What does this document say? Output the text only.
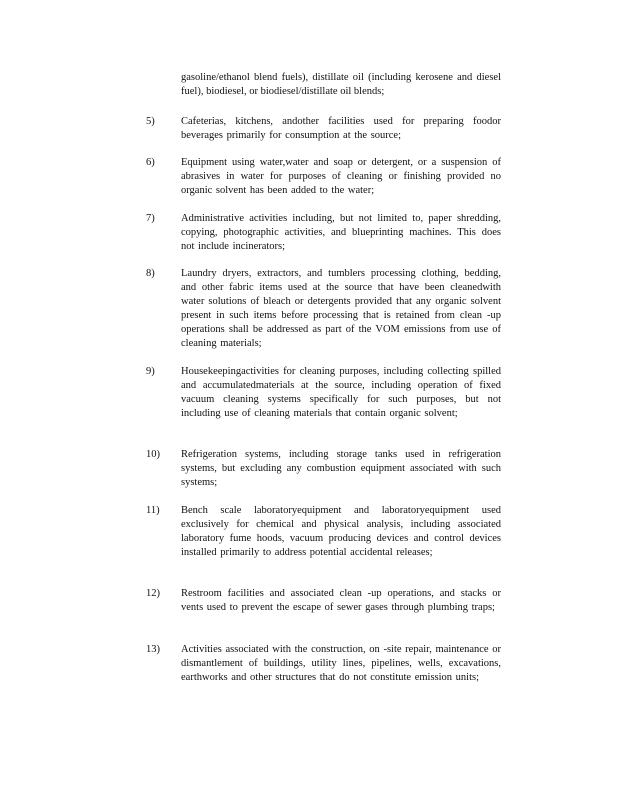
gasoline/ethanol blend fuels), distillate oil (including kerosene and diesel fuel), biodiesel, or biodiesel/distillate oil blends;

5)	Cafeterias, kitchens, andother facilities used for preparing foodor beverages primarily for consumption at the source;
6)	Equipment using water,water and soap or detergent, or a suspension of abrasives in water for purposes of cleaning or finishing provided no organic solvent has been added to the water;
7)	Administrative activities including, but not limited to, paper shredding, copying, photographic activities, and blueprinting machines. This does not include incinerators;
8)	Laundry dryers, extractors, and tumblers processing clothing, bedding, and other fabric items used at the source that have been cleanedwith water solutions of bleach or detergents provided that any organic solvent present in such items before processing that is retained from clean -up operations shall be addressed as part of the VOM emissions from use of cleaning materials;
9)	Housekeepingactivities for cleaning purposes, including collecting spilled and accumulatedmaterials at the source, including operation of fixed vacuum cleaning systems specifically for such purposes, but not including use of cleaning materials that contain organic solvent;
10)	Refrigeration systems, including storage tanks used in refrigeration systems, but excluding any combustion equipment associated with such systems;
11)	Bench scale laboratoryequipment and laboratoryequipment used exclusively for chemical and physical analysis, including associated laboratory fume hoods, vacuum producing devices and control devices installed primarily to address potential accidental releases;
12)	Restroom facilities and associated clean -up operations, and stacks or vents used to prevent the escape of sewer gases through plumbing traps;
13)	Activities associated with the construction, on -site repair, maintenance or dismantlement of buildings, utility lines, pipelines, wells, excavations, earthworks and other structures that do not constitute emission units;
